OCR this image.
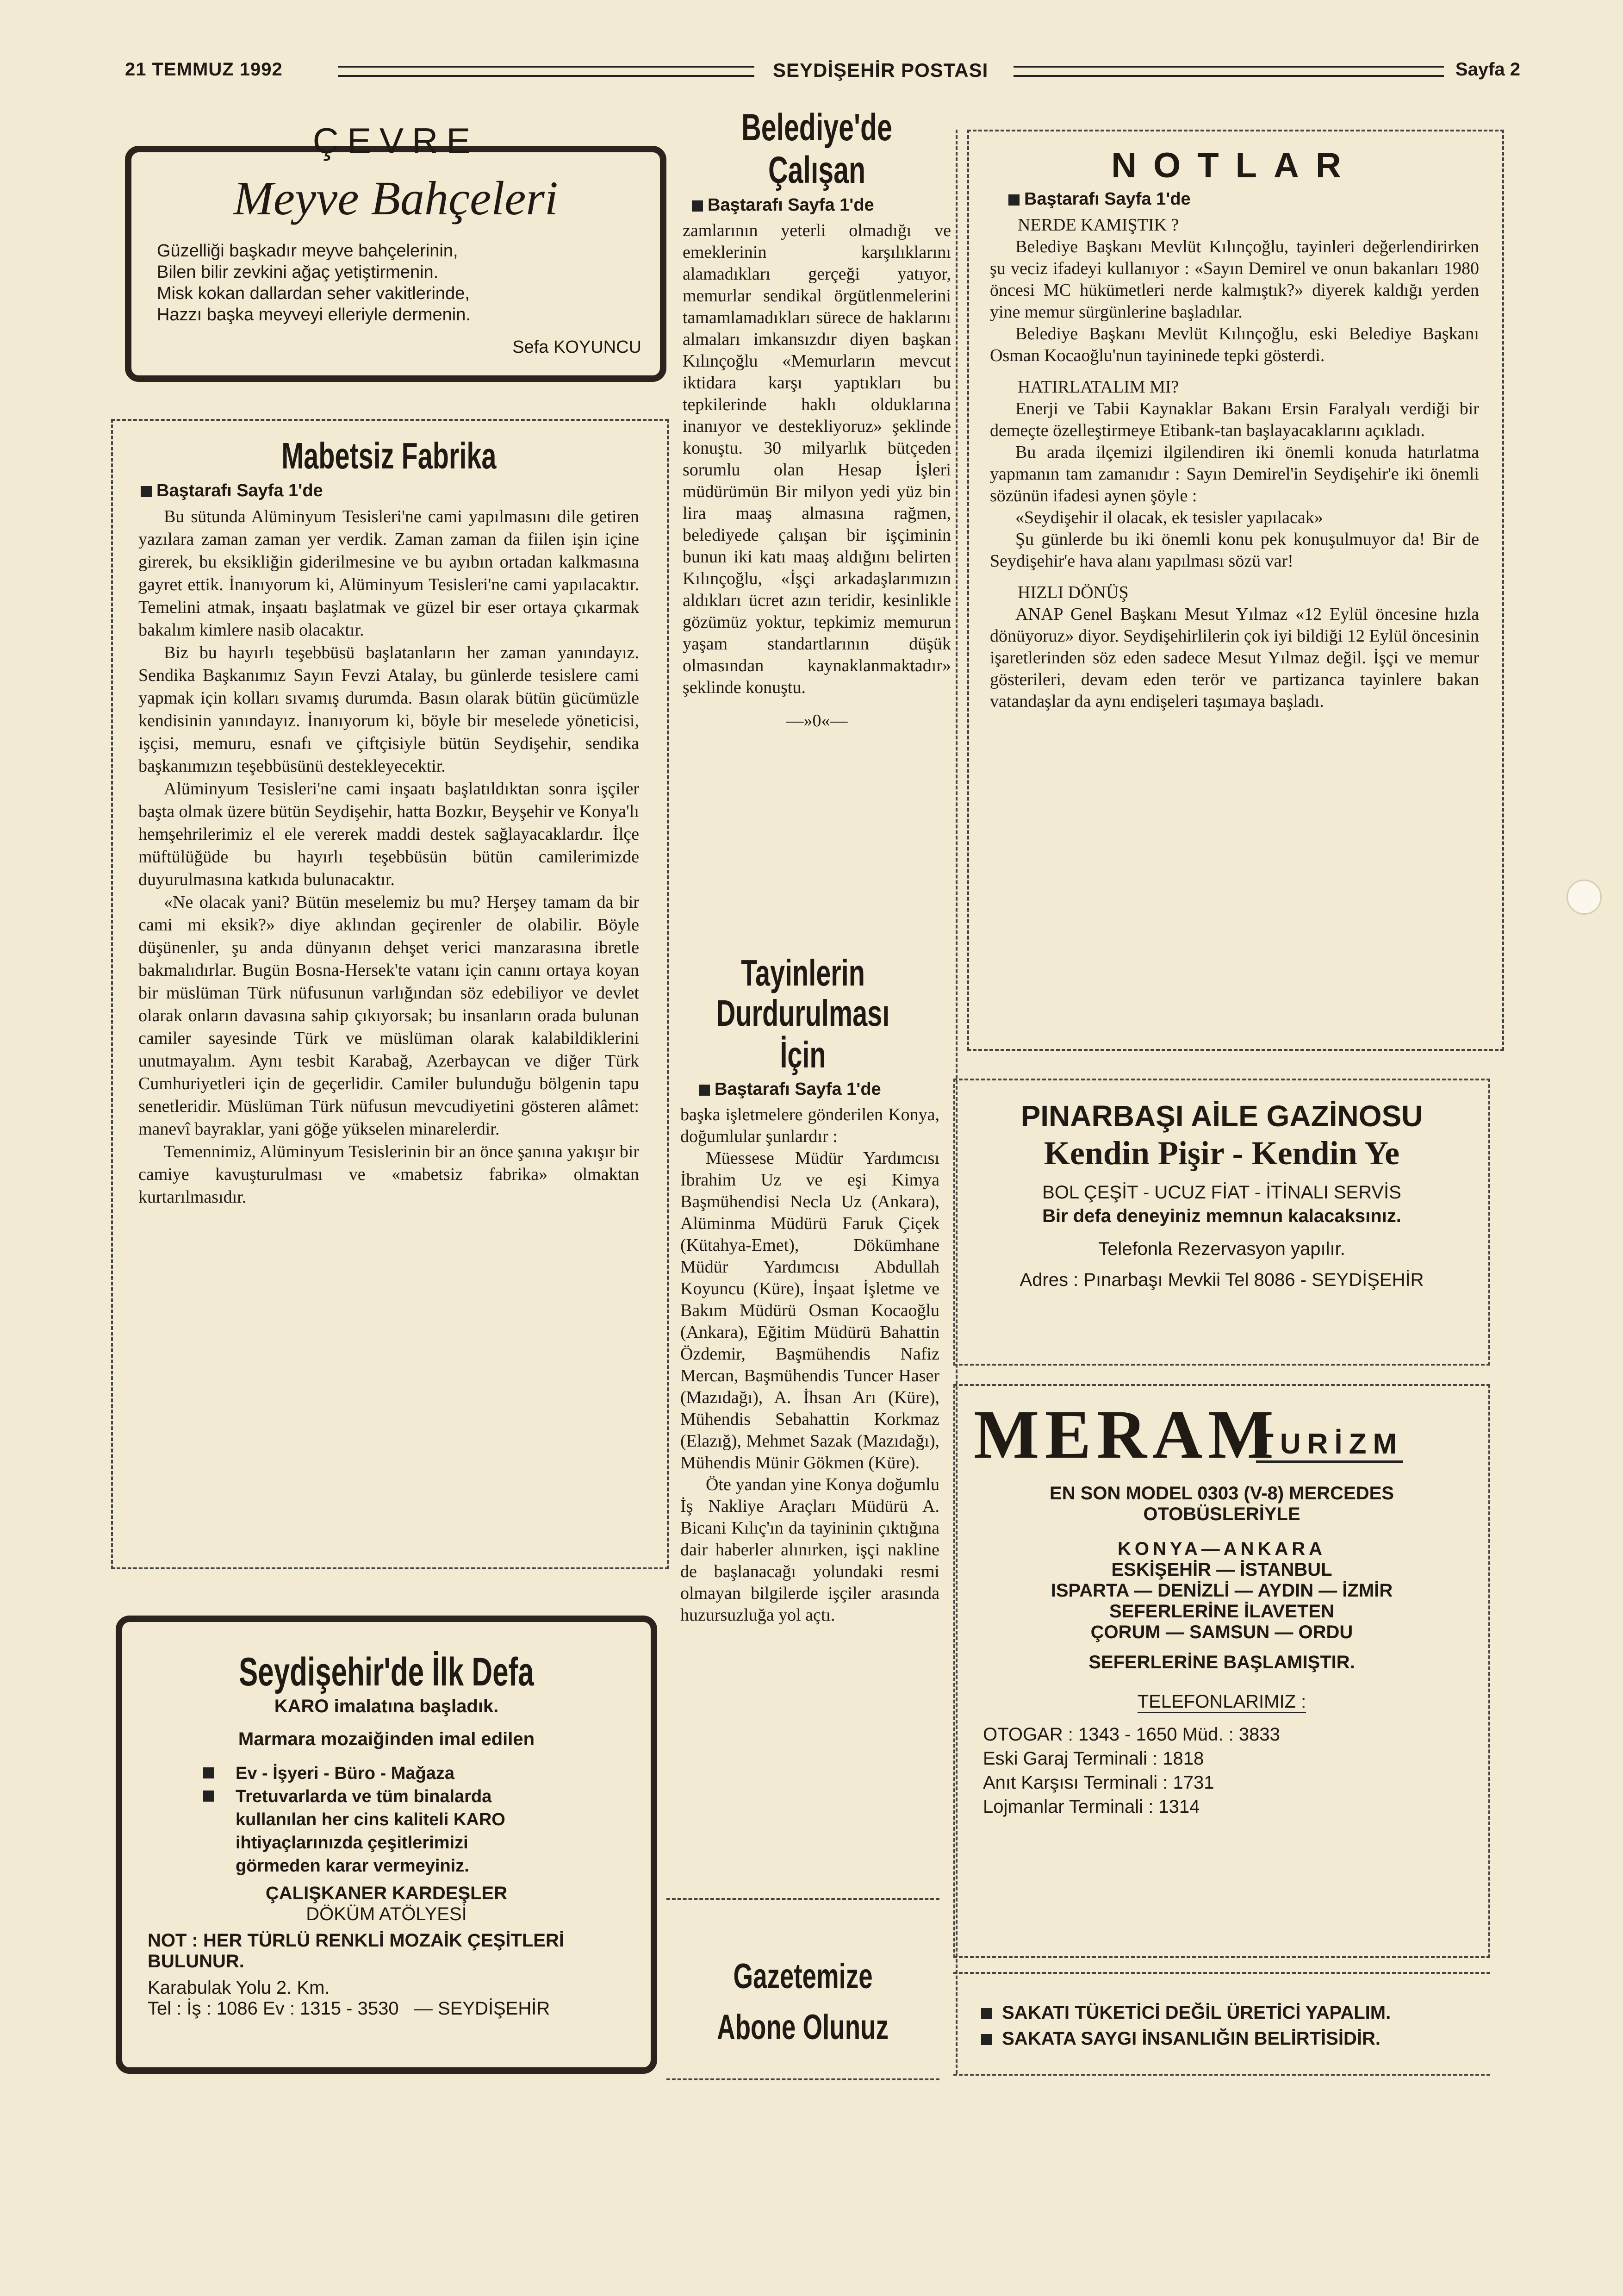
21 TEMMUZ 1992	SEYDİŞEHİR POSTASI	Sayfa 2
ÇEVRE
Meyve Bahçeleri
Güzelliği başkadır meyve bahçelerinin,
Bilen bilir zevkini ağaç yetiştirmenin.
Misk kokan dallardan seher vakitlerinde,
Hazzı başka meyveyi elleriyle dermenin.
Sefa KOYUNCU
Mabetsiz Fabrika
Baştarafı Sayfa 1'de

Bu sütunda Alüminyum Tesisleri'ne cami yapılmasını dile getiren yazılara zaman zaman yer verdik. Zaman zaman da fiilen işin içine girerek, bu eksikliğin giderilmesine ve bu ayıbın ortadan kalkmasına gayret ettik. İnanıyorum ki, Alüminyum Tesisleri'ne cami yapılacaktır. Temelini atmak, inşaatı başlatmak ve güzel bir eser ortaya çıkarmak bakalım kimlere nasib olacaktır.

Biz bu hayırlı teşebbüsü başlatanların her zaman yanındayız. Sendika Başkanımız Sayın Fevzi Atalay, bu günlerde tesislere cami yapmak için kolları sıvamış durumda. Basın olarak bütün gücümüzle kendisinin yanındayız. İnanıyorum ki, böyle bir meselede yöneticisi, işçisi, memuru, esnafı ve çiftçisiyle bütün Seydişehir, sendika başkanımızın teşebbüsünü destekleyecektir.

Alüminyum Tesisleri'ne cami inşaatı başlatıldıktan sonra işçiler başta olmak üzere bütün Seydişehir, hatta Bozkır, Beyşehir ve Konya'lı hemşehrilerimiz el ele vererek maddi destek sağlayacaklardır. İlçe müftülüğüde bu hayırlı teşebbüsün bütün camilerimizde duyurulmasına katkıda bulunacaktır.

«Ne olacak yani? Bütün meselemiz bu mu? Herşey tamam da bir cami mi eksik?» diye aklından geçirenler de olabilir. Böyle düşünenler, şu anda dünyanın dehşet verici manzarasına ibretle bakmalıdırlar. Bugün Bosna-Hersek'te vatanı için canını ortaya koyan bir müslüman Türk nüfusunun varlığından söz edebiliyor ve devlet olarak onların davasına sahip çıkıyorsak; bu insanların orada bulunan camiler sayesinde Türk ve müslüman olarak kalabildiklerini unutmayalım. Aynı tesbit Karabağ, Azerbaycan ve diğer Türk Cumhuriyetleri için de geçerlidir. Camiler bulunduğu bölgenin tapu senetleridir. Müslüman Türk nüfusun mevcudiyetini gösteren alâmet: manevî bayraklar, yani göğe yükselen minarelerdir.

Temennimiz, Alüminyum Tesislerinin bir an önce şanına yakışır bir camiye kavuşturulması ve «mabetsiz fabrika» olmaktan kurtarılmasıdır.

Seydişehir'de İlk Defa
KARO imalatına başladık.
Marmara mozaiğinden imal edilen
Ev - İşyeri - Büro - Mağaza
Tretuvarlarda ve tüm binalarda kullanılan her cins kaliteli KARO ihtiyaçlarınızda çeşitlerimizi görmeden karar vermeyiniz.
ÇALIŞKANER KARDEŞLER
DÖKÜM ATÖLYESİ
NOT : HER TÜRLÜ RENKLİ MOZAİK ÇEŞİTLERİ BULUNUR.
Karabulak Yolu 2. Km.
Tel : İş : 1086 Ev : 1315 - 3530 — SEYDİŞEHİR
Belediye'de Çalışan
Baştarafı Sayfa 1'de

zamlarının yeterli olmadığı ve emeklerinin karşılıklarını alamadıkları gerçeği yatıyor, memurlar sendikal örgütlenmelerini tamamlamadıkları sürece de haklarını almaları imkansızdır diyen başkan Kılınçoğlu «Memurların mevcut iktidara karşı yaptıkları bu tepkilerinde haklı olduklarına inanıyor ve destekliyoruz» şeklinde konuştu. 30 milyarlık bütçeden sorumlu olan Hesap İşleri müdürümün Bir milyon yedi yüz bin lira maaş almasına rağmen, belediyede çalışan bir işçiminin bunun iki katı maaş aldığını belirten Kılınçoğlu, «İşçi arkadaşlarımızın aldıkları ücret azın teridir, kesinlikle gözümüz yoktur, tepkimiz memurun yaşam standartlarının düşük olmasından kaynaklanmaktadır» şeklinde konuştu.

—»0«—
Tayinlerin
Durdurulması İçin
Baştarafı Sayfa 1'de

başka işletmelere gönderilen Konya, doğumlular şunlardır :

Müessese Müdür Yardımcısı İbrahim Uz ve eşi Kimya Başmühendisi Necla Uz (Ankara), Alüminma Müdürü Faruk Çiçek (Kütahya-Emet), Dökümhane Müdür Yardımcısı Abdullah Koyuncu (Küre), İnşaat İşletme ve Bakım Müdürü Osman Kocaoğlu (Ankara), Eğitim Müdürü Bahattin Özdemir, Başmühendis Nafiz Mercan, Başmühendis Tuncer Haser (Mazıdağı), A. İhsan Arı (Küre), Mühendis Sebahattin Korkmaz (Elazığ), Mehmet Sazak (Mazıdağı), Mühendis Münir Gökmen (Küre).

Öte yandan yine Konya doğumlu İş Nakliye Araçları Müdürü A. Bicani Kılıç'ın da tayininin çıktığına dair haberler alınırken, işçi nakline de başlanacağı yolundaki resmi olmayan bilgilerde işçiler arasında huzursuzluğa yol açtı.

Gazetemize
Abone Olunuz
NOTLAR
Baştarafı Sayfa 1'de
NERDE KAMIŞTIK ?

Belediye Başkanı Mevlüt Kılınçoğlu, tayinleri değerlendirirken şu veciz ifadeyi kullanıyor : «Sayın Demirel ve onun bakanları 1980 öncesi MC hükümetleri nerde kalmıştık?» diyerek kaldığı yerden yine memur sürgünlerine başladılar.

Belediye Başkanı Mevlüt Kılınçoğlu, eski Belediye Başkanı Osman Kocaoğlu'nun tayininede tepki gösterdi.

HATIRLATALIM MI?

Enerji ve Tabii Kaynaklar Bakanı Ersin Faralyalı verdiği bir demeçte özelleştirmeye Etibank-tan başlayacaklarını açıkladı.

Bu arada ilçemizi ilgilendiren iki önemli konuda hatırlatma yapmanın tam zamanıdır : Sayın Demirel'in Seydişehir'e iki önemli sözünün ifadesi aynen şöyle :

«Seydişehir il olacak, ek tesisler yapılacak»

Şu günlerde bu iki önemli konu pek konuşulmuyor da! Bir de Seydişehir'e hava alanı yapılması sözü var!

HIZLI DÖNÜŞ

ANAP Genel Başkanı Mesut Yılmaz «12 Eylül öncesine hızla dönüyoruz» diyor. Seydişehirlilerin çok iyi bildiği 12 Eylül öncesinin işaretlerinden söz eden sadece Mesut Yılmaz değil. İşçi ve memur gösterileri, devam eden terör ve partizanca tayinlere bakan vatandaşlar da aynı endişeleri taşımaya başladı.

PINARBAŞI AİLE GAZİNOSU
Kendin Pişir - Kendin Ye
BOL ÇEŞİT - UCUZ FİAT - İTİNALI SERVİS
Bir defa deneyiniz memnun kalacaksınız.
Telefonla Rezervasyon yapılır.
Adres : Pınarbaşı Mevkii Tel 8086 - SEYDİŞEHİR
MERAM
TURİZM
EN SON MODEL 0303 (V-8) MERCEDES
OTOBÜSLERİYLE
KONYA—ANKARA
ESKİŞEHİR — İSTANBUL
ISPARTA — DENİZLİ — AYDIN — İZMİR
SEFERLERİNE İLAVETEN
ÇORUM — SAMSUN — ORDU
SEFERLERİNE BAŞLAMIŞTIR.
TELEFONLARIMIZ :
OTOGAR : 1343 - 1650 Müd. : 3833
Eski Garaj Terminali : 1818
Anıt Karşısı Terminali : 1731
Lojmanlar Terminali : 1314
SAKATI TÜKETİCİ DEĞİL ÜRETİCİ YAPALIM.
SAKATA SAYGI İNSANLIĞIN BELİRTİSİDİR.
